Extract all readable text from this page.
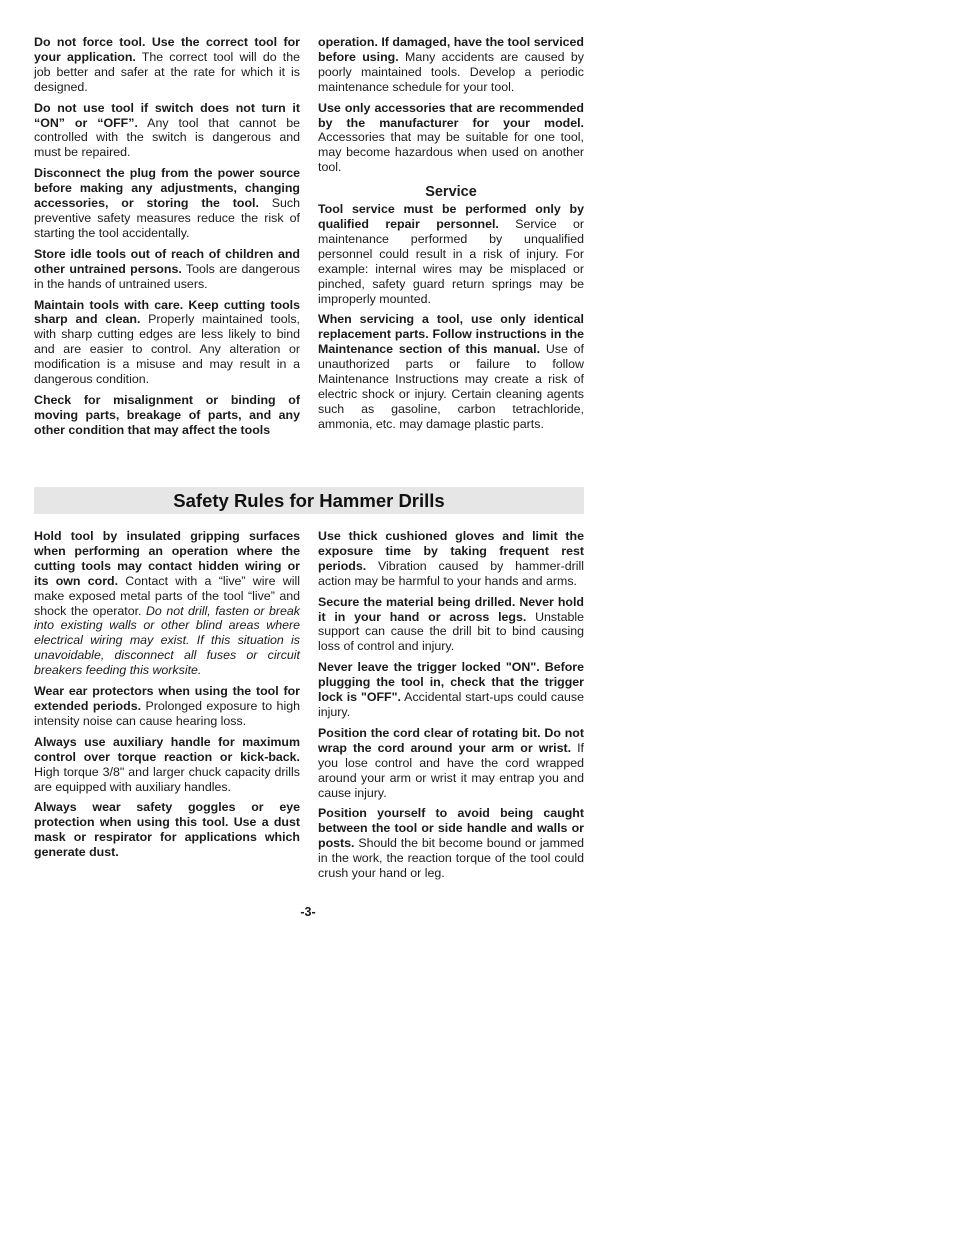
Do not force tool. Use the correct tool for your application. The correct tool will do the job better and safer at the rate for which it is designed.

Do not use tool if switch does not turn it “ON” or “OFF”. Any tool that cannot be controlled with the switch is dangerous and must be repaired.

Disconnect the plug from the power source before making any adjustments, changing accessories, or storing the tool. Such preventive safety measures reduce the risk of starting the tool accidentally.

Store idle tools out of reach of children and other untrained persons. Tools are dangerous in the hands of untrained users.

Maintain tools with care. Keep cutting tools sharp and clean. Properly maintained tools, with sharp cutting edges are less likely to bind and are easier to control. Any alteration or modification is a misuse and may result in a dangerous condition.

Check for misalignment or binding of moving parts, breakage of parts, and any other condition that may affect the tools

operation. If damaged, have the tool serviced before using. Many accidents are caused by poorly maintained tools. Develop a periodic maintenance schedule for your tool.

Use only accessories that are recommended by the manufacturer for your model. Accessories that may be suitable for one tool, may become hazardous when used on another tool.

Service

Tool service must be performed only by qualified repair personnel. Service or maintenance performed by unqualified personnel could result in a risk of injury. For example: internal wires may be misplaced or pinched, safety guard return springs may be improperly mounted.

When servicing a tool, use only identical replacement parts. Follow instructions in the Maintenance section of this manual. Use of unauthorized parts or failure to follow Maintenance Instructions may create a risk of electric shock or injury. Certain cleaning agents such as gasoline, carbon tetrachloride, ammonia, etc. may damage plastic parts.

Safety Rules for Hammer Drills

Hold tool by insulated gripping surfaces when performing an operation where the cutting tools may contact hidden wiring or its own cord. Contact with a “live” wire will make exposed metal parts of the tool “live” and shock the operator. Do not drill, fasten or break into existing walls or other blind areas where electrical wiring may exist. If this situation is unavoidable, disconnect all fuses or circuit breakers feeding this worksite.

Wear ear protectors when using the tool for extended periods. Prolonged exposure to high intensity noise can cause hearing loss.

Always use auxiliary handle for maximum control over torque reaction or kick-back. High torque 3/8" and larger chuck capacity drills are equipped with auxiliary handles.

Always wear safety goggles or eye protection when using this tool. Use a dust mask or respirator for applications which generate dust.

Use thick cushioned gloves and limit the exposure time by taking frequent rest periods. Vibration caused by hammer-drill action may be harmful to your hands and arms.

Secure the material being drilled. Never hold it in your hand or across legs. Unstable support can cause the drill bit to bind causing loss of control and injury.

Never leave the trigger locked "ON". Before plugging the tool in, check that the trigger lock is "OFF". Accidental start-ups could cause injury.

Position the cord clear of rotating bit. Do not wrap the cord around your arm or wrist. If you lose control and have the cord wrapped around your arm or wrist it may entrap you and cause injury.

Position yourself to avoid being caught between the tool or side handle and walls or posts. Should the bit become bound or jammed in the work, the reaction torque of the tool could crush your hand or leg.

-3-
